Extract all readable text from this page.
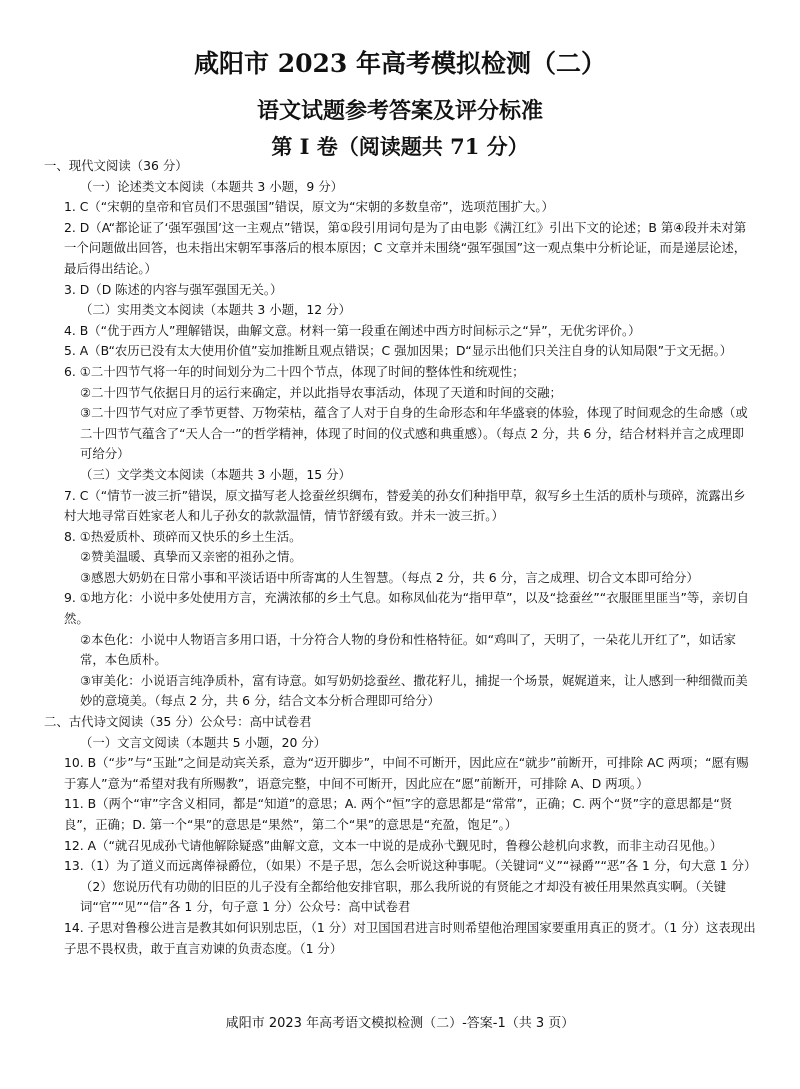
咸阳市 2023 年高考模拟检测（二）
语文试题参考答案及评分标准
第 I 卷（阅读题共 71 分）

一、现代文阅读（36 分）

（一）论述类文本阅读（本题共 3 小题，9 分）

1. C（“宋朝的皇帝和官员们不思强国”错误，原文为“宋朝的多数皇帝”，选项范围扩大。）

2. D（A“都论证了‘强军强国’这一主观点”错误，第①段引用词句是为了由电影《满江红》引出下文的论述；B 第④段并未对第一个问题做出回答，也未指出宋朝军事落后的根本原因；C 文章并未围绕“强军强国”这一观点集中分析论证，而是递层论述，最后得出结论。）

3. D（D 陈述的内容与强军强国无关。）

（二）实用类文本阅读（本题共 3 小题，12 分）

4. B（“优于西方人”理解错误，曲解文意。材料一第一段重在阐述中西方时间标示之“异”，无优劣评价。）

5. A（B“农历已没有太大使用价值”妄加推断且观点错误；C 强加因果；D“显示出他们只关注自身的认知局限”于文无据。）

6. ①二十四节气将一年的时间划分为二十四个节点，体现了时间的整体性和统观性；

②二十四节气依据日月的运行来确定，并以此指导农事活动，体现了天道和时间的交融；

③二十四节气对应了季节更替、万物荣枯，蕴含了人对于自身的生命形态和年华盛衰的体验，体现了时间观念的生命感（或二十四节气蕴含了“天人合一”的哲学精神，体现了时间的仪式感和典重感）。（每点 2 分，共 6 分，结合材料并言之成理即可给分）

（三）文学类文本阅读（本题共 3 小题，15 分）

7. C（“情节一波三折”错误，原文描写老人捻蚕丝织绸布，替爱美的孙女们种指甲草，叙写乡土生活的质朴与琐碎，流露出乡村大地寻常百姓家老人和儿子孙女的款款温情，情节舒缓有致。并未一波三折。）

8. ①热爱质朴、琐碎而又快乐的乡土生活。

②赞美温暖、真挚而又亲密的祖孙之情。

③感恩大奶奶在日常小事和平淡话语中所寄寓的人生智慧。（每点 2 分，共 6 分，言之成理、切合文本即可给分）

9. ①地方化：小说中多处使用方言，充满浓郁的乡土气息。如称凤仙花为“指甲草”，以及“捻蚕丝”“衣服匪里匪当”等，亲切自然。

②本色化：小说中人物语言多用口语，十分符合人物的身份和性格特征。如“鸡叫了，天明了，一朵花儿开红了”，如话家常，本色质朴。

③审美化：小说语言纯净质朴，富有诗意。如写奶奶捻蚕丝、撒花籽儿，捕捉一个场景，娓娓道来，让人感到一种细微而美妙的意境美。（每点 2 分，共 6 分，结合文本分析合理即可给分）

二、古代诗文阅读（35 分）公众号：高中试卷君

（一）文言文阅读（本题共 5 小题，20 分）

10. B（“步”与“玉趾”之间是动宾关系，意为“迈开脚步”，中间不可断开，因此应在“就步”前断开，可排除 AC 两项；“愿有赐于寡人”意为“希望对我有所赐教”，语意完整，中间不可断开，因此应在“愿”前断开，可排除 A、D 两项。）

11. B（两个“审”字含义相同，都是“知道”的意思；A. 两个“恒”字的意思都是“常常”，正确；C. 两个“贤”字的意思都是“贤良”，正确；D. 第一个“果”的意思是“果然”，第二个“果”的意思是“充盈，饱足”。）

12. A（“就召见成孙弋请他解除疑惑”曲解文意，文本一中说的是成孙弋觐见时，鲁穆公趁机向求教，而非主动召见他。）

13.（1）为了道义而远离俸禄爵位，（如果）不是子思，怎么会听说这种事呢。（关键词“义”“禄爵”“恶”各 1 分，句大意 1 分）

（2）您说历代有功勋的旧臣的儿子没有全都给他安排官职，那么我所说的有贤能之才却没有被任用果然真实啊。（关键词“官”“见”“信”各 1 分，句子意 1 分）公众号：高中试卷君

14. 子思对鲁穆公进言是教其如何识别忠臣，（1 分）对卫国国君进言时则希望他治理国家要重用真正的贤才。（1 分）这表现出子思不畏权贵，敢于直言劝谏的负责态度。（1 分）

咸阳市 2023 年高考语文模拟检测（二）-答案-1（共 3 页）
